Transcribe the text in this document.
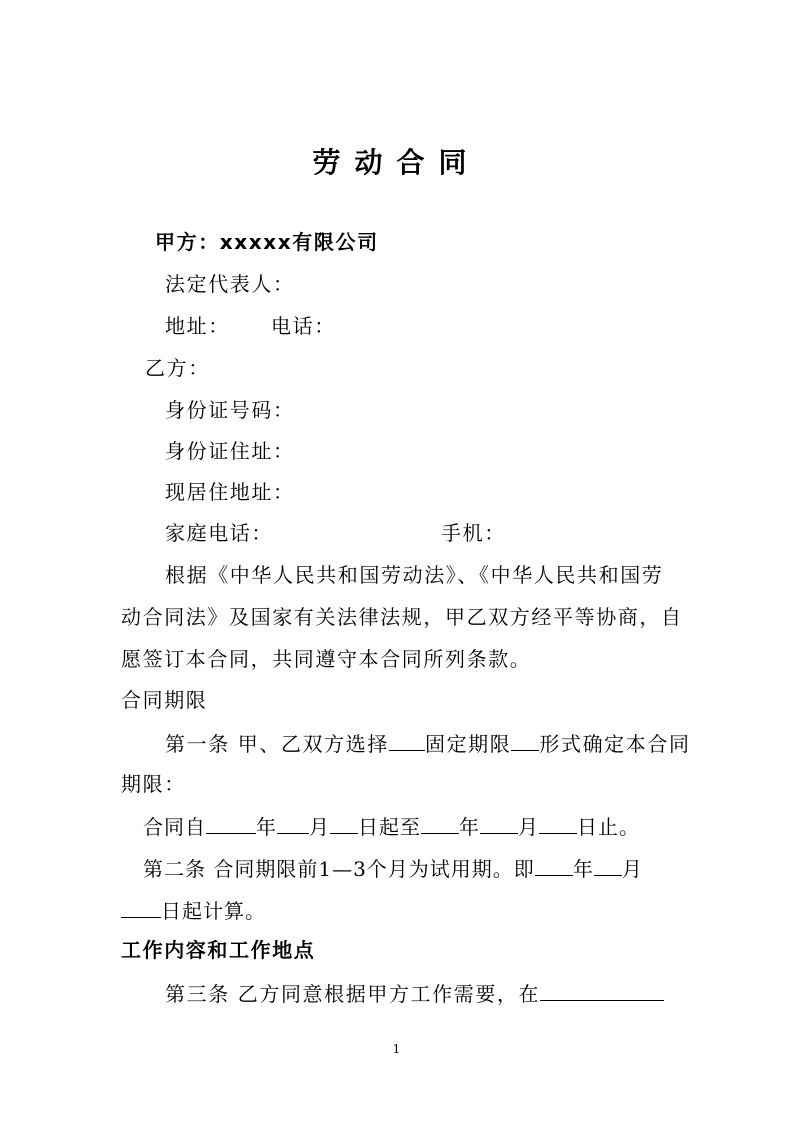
劳动合同
甲方：xxxxx有限公司
法定代表人：
地址： 电话：
乙方：
身份证号码：
身份证住址：
现居住地址：
家庭电话：	手机：
根据《中华人民共和国劳动法》、《中华人民共和国劳
动合同法》及国家有关法律法规，甲乙双方经平等协商，自
愿签订本合同，共同遵守本合同所列条款。
合同期限
第一条 甲、乙双方选择 固定期限 形式确定本合同
期限：
合同自	年 月 日起至 年 月 日止。
第二条 合同期限前1—3个月为试用期。即 年 月
日起计算。
工作内容和工作地点
第三条 乙方同意根据甲方工作需要，在
1
